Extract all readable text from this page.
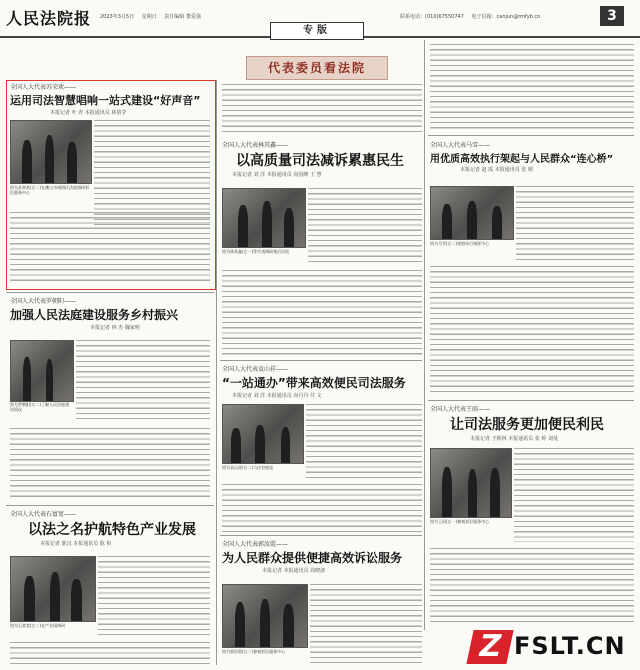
人民法院报 2023年3月5日 星期日 责任编辑 董爱强	联系电话：(010)67550747 电子信箱：canjun@rmfyb.cn	3
专版
代表委员看法院
全国人大代表苏荣欢——
运用司法智慧唱响一站式建设“好声音”
本报记者 叶 青 本报通讯员 林倩莹
图为苏荣欢(左二)在佛山市南海区法院调研诉讼服务中心
全国人大代表林其鑫——
以高质量司法减诉累惠民生
本报记者 刘 洋 本报通讯员 向国峰 王 慧
图为林其鑫(左一)等代表调研基层法院
全国人大代表罗朝阳——
加强人民法庭建设服务乡村振兴
本报记者 林 杰 魏家明
图为罗朝阳(右二)了解人民法庭建设情况
全国人大代表袁山祥——
“一站通办”带来高效便民司法服务
本报记者 刘 洋 本报通讯员 向丹丹 付 文
图为袁山祥(右二)与法官座谈
全国人大代表马雪——
用优质高效执行架起与人民群众“连心桥”
本报记者 赵 霞 本报通讯员 张 媛
图为马雪(左二)视察执行指挥中心
全国人大代表石富宽——
以法之名护航特色产业发展
本报记者 陈汉 本报通讯员 陈 柏
图为石富宽(右二)在产业园调研
全国人大代表郭汝霞——
为人民群众提供便捷高效诉讼服务
本报记者 本报通讯员 周晓波
图为郭汝霞(右二)参观诉讼服务中心
全国人大代表王雨——
让司法服务更加便民利民
本报记者 王彬林 本报通讯员 张 婷 刘曼
图为王雨(左一)参观诉讼服务中心
Z FSLT.CN
